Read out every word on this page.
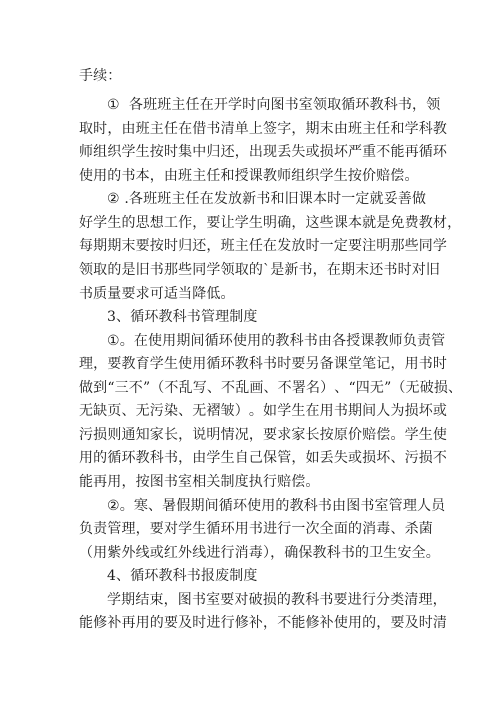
手续：
①

各 班 班 主 任 在 开 学 时 向 图 书 室 领 取 循 环 教 科 书 ， 领
取 时 ， 由 班 主 任 在 借 书 清 单 上 签 字 ， 期 末 由 班 主 任 和 学 科 教
师 组 织 学 生 按 时 集 中 归 还 ， 出 现 丢 失 或 损 坏 严 重 不 能 再 循 环
使用的书本，由班主任和授课教师组织学生按价赔偿。
②
. 各 班 班 主 任 在 发 放 新 书 和 旧 课 本 时 一 定 就 妥 善 做
好 学 生 的 思 想 工 作 ， 要 让 学 生 明 确 ， 这 些 课 本 就 是 免 费 教 材 ，
每 期 期 末 要 按 时 归 还 ， 班 主 任 在 发 放 时 一 定 要 注 明 那 些 同 学
领 取 的 是 旧 书 那 些 同 学 领 取 的 ` 是 新 书 ， 在 期 末 还 书 时 对 旧
书质量要求可适当降低。
3、循环教科书管理制度
① 。 在 使 用 期 间 循 环 使 用 的 教 科 书 由 各 授 课 教 师 负 责 管
理 ， 要 教 育 学 生 使 用 循 环 教 科 书 时 要 另 备 课 堂 笔 记 ， 用 书 时
做 到 “ 三 不 ” （ 不 乱 写 、 不 乱 画 、 不 署 名 ） 、 “ 四 无 ” （ 无 破 损 、
无 缺 页 、 无 污 染 、 无 褶 皱 ） 。 如 学 生 在 用 书 期 间 人 为 损 坏 或
污 损 则 通 知 家 长 ， 说 明 情 况 ， 要 求 家 长 按 原 价 赔 偿 。 学 生 使
用 的 循 环 教 科 书 ， 由 学 生 自 己 保 管 ， 如 丢 失 或 损 坏 、 污 损 不
能再用，按图书室相关制度执行赔偿。
② 。 寒 、 暑 假 期 间 循 环 使 用 的 教 科 书 由 图 书 室 管 理 人 员
负 责 管 理 ， 要 对 学 生 循 环 用 书 进 行 一 次 全 面 的 消 毒 、 杀 菌
（用紫外线或红外线进行消毒），确保教科书的卫生安全。
4、循环教科书报废制度
学 期 结 束 ， 图 书 室 要 对 破 损 的 教 科 书 要 进 行 分 类 清 理 ，
能 修 补 再 用 的 要 及 时 进 行 修 补 ， 不 能 修 补 使 用 的 ， 要 及 时 清
